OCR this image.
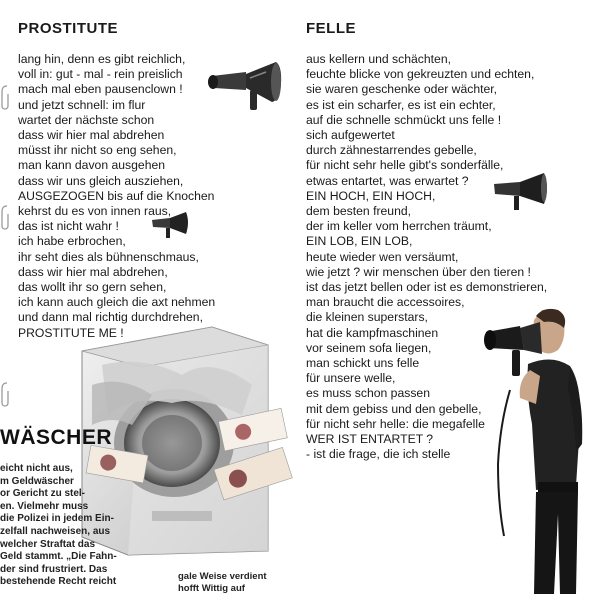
PROSTITUTE
lang hin, denn es gibt reichlich,
voll in: gut - mal - rein preislich
mach mal eben pausenclown !
und jetzt schnell: im flur
wartet der nächste schon
dass wir hier mal abdrehen
müsst ihr nicht so eng sehen,
man kann davon ausgehen
dass wir uns gleich ausziehen,
AUSGEZOGEN bis auf die Knochen
kehrst du es von innen raus,
das ist nicht wahr !
ich habe erbrochen,
ihr seht dies als bühnenschmaus,
dass wir hier mal abdrehen,
das wollt ihr so gern sehen,
ich kann auch gleich die axt nehmen
und dann mal richtig durchdrehen,
PROSTITUTE ME !
FELLE
aus kellern und schächten,
feuchte blicke von gekreuzten und echten,
sie waren geschenke oder wächter,
es ist ein scharfer, es ist ein echter,
auf die schnelle schmückt uns felle !
sich aufgewertet
durch zähnestarrendes gebelle,
für nicht sehr helle gibt's sonderfälle,
etwas entartet, was erwartet ?
EIN HOCH, EIN HOCH,
dem besten freund,
der im keller vom herrchen träumt,
EIN LOB, EIN LOB,
heute wieder wen versäumt,
wie jetzt ? wir menschen über den tieren !
ist das jetzt bellen oder ist es demonstrieren,
man braucht die accessoires,
die kleinen superstars,
hat die kampfmaschinen
vor seinem sofa liegen,
man schickt uns felle
für unsere welle,
es muss schon passen
mit dem gebiss und den gebelle,
für nicht sehr helle: die megafelle
WER IST ENTARTET ?
- ist die frage, die ich stelle
WÄSCHER
eicht nicht aus,
m Geldwäscher
or Gericht zu stel-
en. Vielmehr muss
die Polizei in jedem Ein-
zelfall nachweisen, aus
welcher Straftat das
Geld stammt. „Die Fahn-
der sind frustriert. Das
bestehende Recht reicht	gale Weise verdient
hofft Wittig auf
